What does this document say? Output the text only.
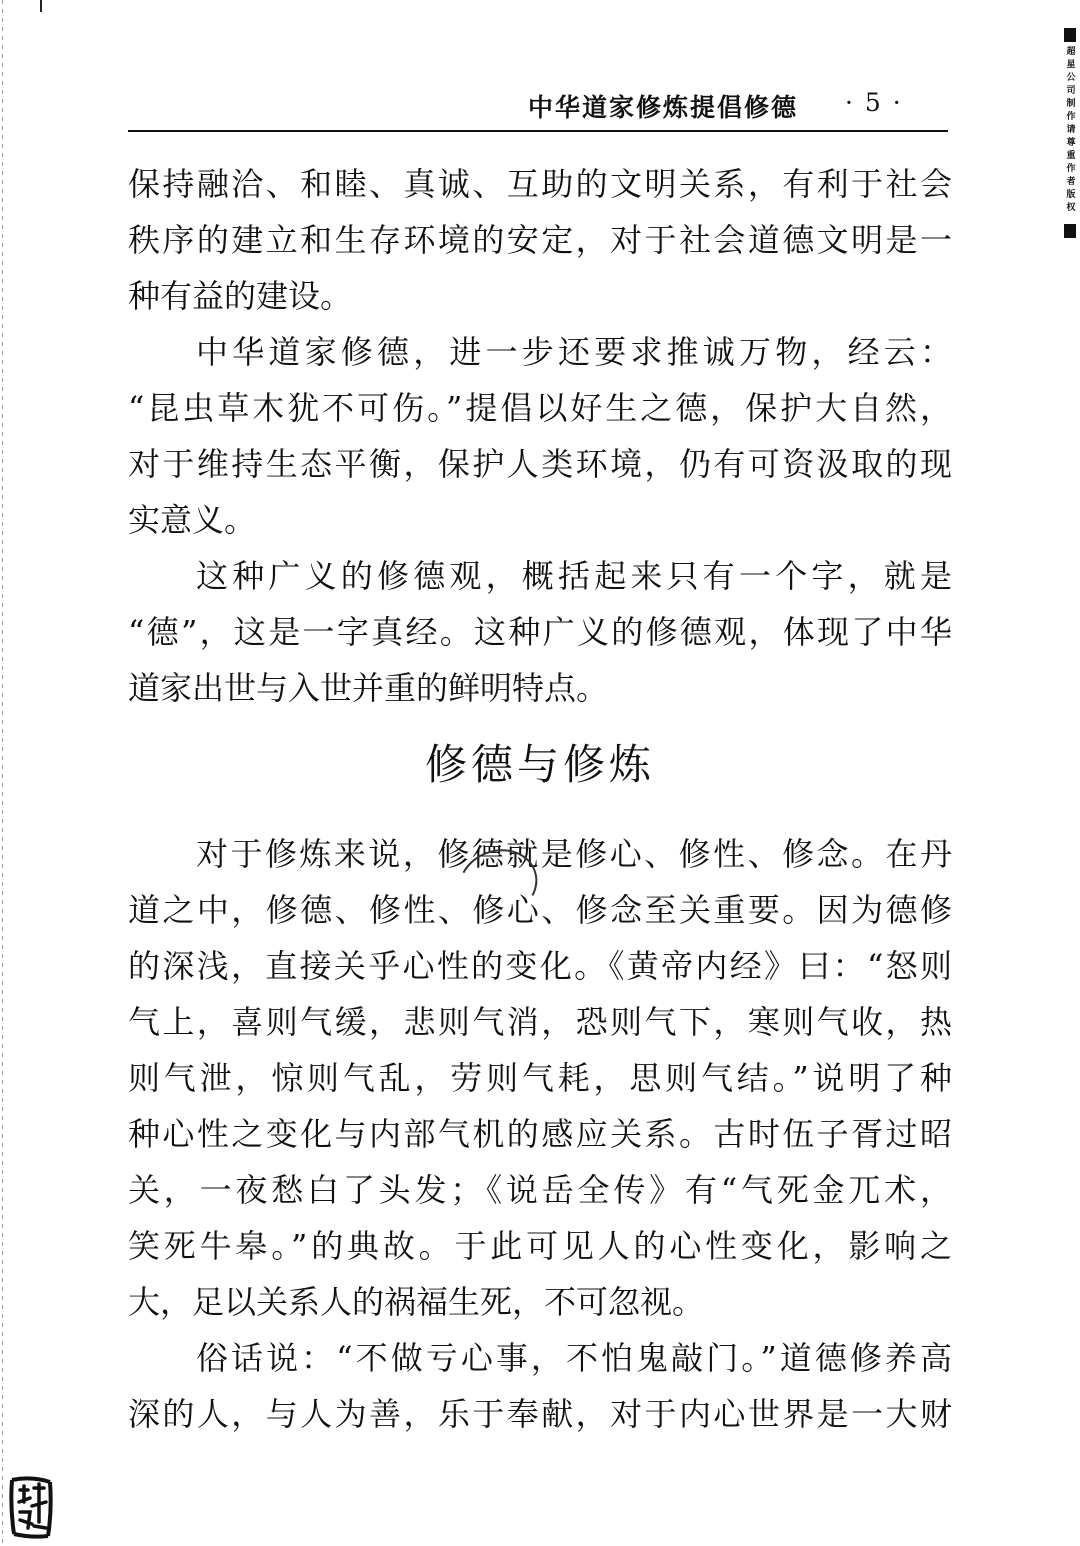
中华道家修炼提倡修德 · 5 ·
超星公司制作请尊重作者版权
保持融洽、和睦、真诚、互助的文明关系，有利于社会
秩序的建立和生存环境的安定，对于社会道德文明是一
种有益的建设。
中华道家修德，进一步还要求推诚万物，经云：
“昆虫草木犹不可伤。”提倡以好生之德，保护大自然，
对于维持生态平衡，保护人类环境，仍有可资汲取的现
实意义。
这种广义的修德观，概括起来只有一个字，就是
“德”，这是一字真经。这种广义的修德观，体现了中华
道家出世与入世并重的鲜明特点。
修德与修炼
对于修炼来说，修德就是修心、修性、修念。在丹
道之中，修德、修性、修心、修念至关重要。因为德修
的深浅，直接关乎心性的变化。《黄帝内经》曰：“怒则
气上，喜则气缓，悲则气消，恐则气下，寒则气收，热
则气泄，惊则气乱，劳则气耗，思则气结。”说明了种
种心性之变化与内部气机的感应关系。古时伍子胥过昭
关，一夜愁白了头发；《说岳全传》有“气死金兀术，
笑死牛皋。”的典故。于此可见人的心性变化，影响之
大，足以关系人的祸福生死，不可忽视。
俗话说：“不做亏心事，不怕鬼敲门。”道德修养高
深的人，与人为善，乐于奉献，对于内心世界是一大财
